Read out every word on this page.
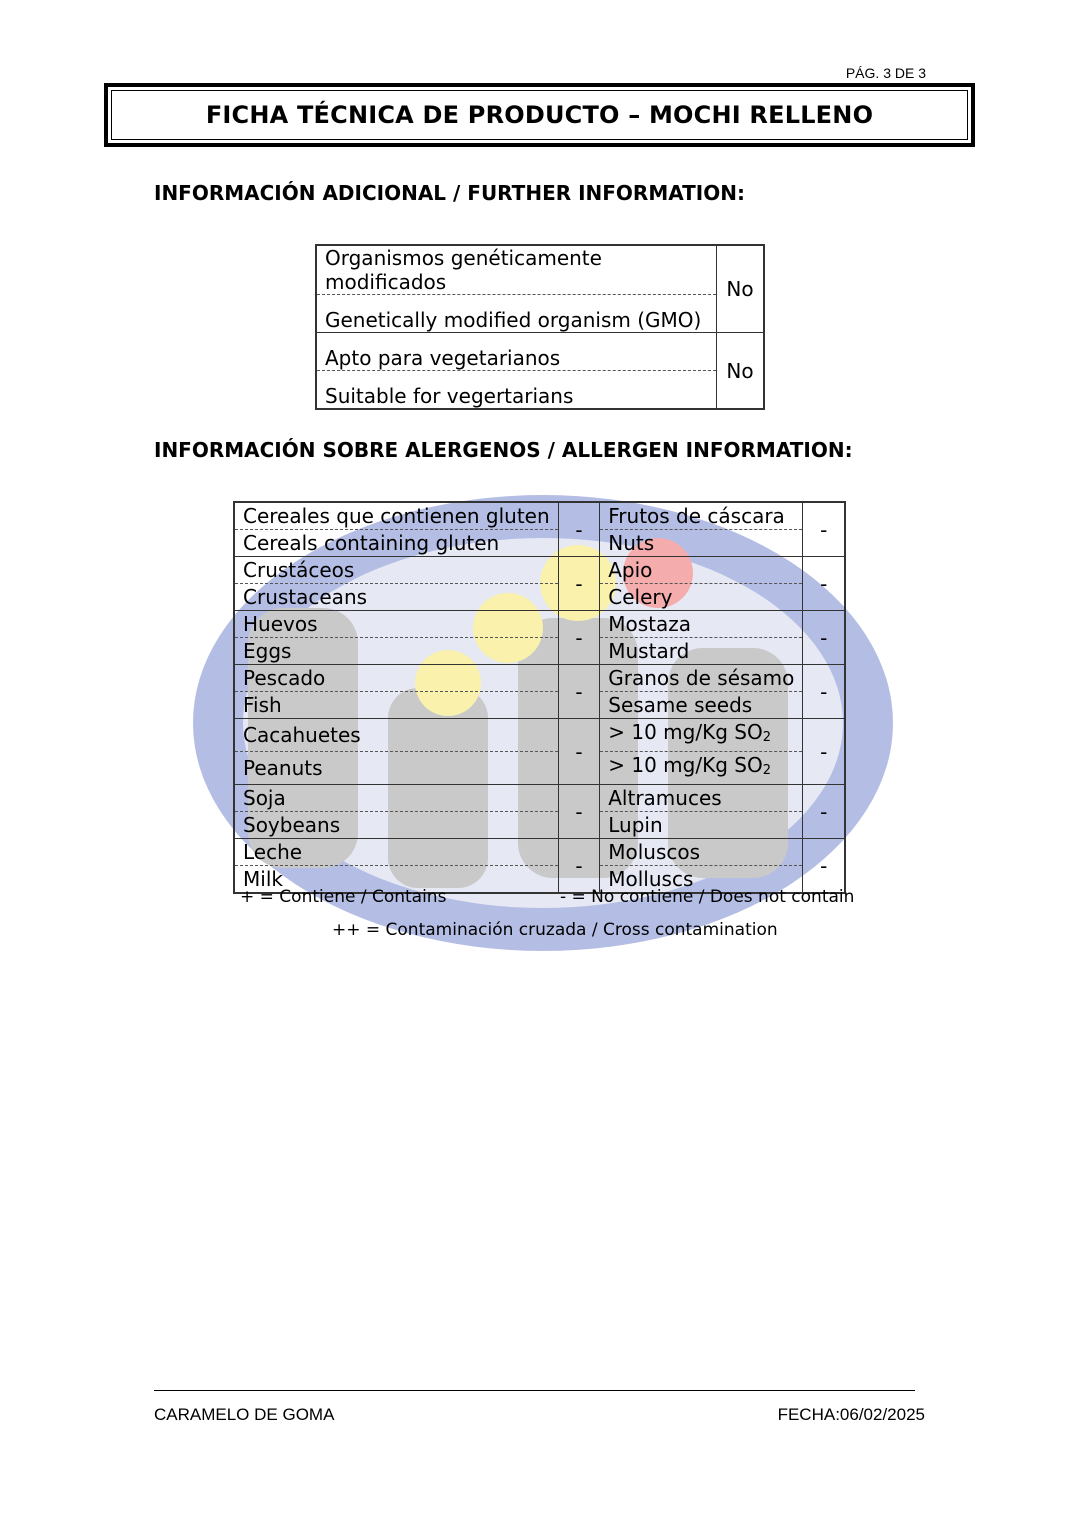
PÁG. 3 DE 3
FICHA TÉCNICA DE PRODUCTO – MOCHI RELLENO
INFORMACIÓN ADICIONAL / FURTHER INFORMATION:
Organismos genéticamente modificados	No
Genetically modified organism (GMO)	
Apto para vegetarianos	No
Suitable for vegertarians	
INFORMACIÓN SOBRE ALERGENOS / ALLERGEN INFORMATION:
Cereales que contienen gluten	-	Frutos de cáscara	-
Cereals containing gluten		Nuts	
Crustáceos	-	Apio	-
Crustaceans		Celery	
Huevos	-	Mostaza	-
Eggs		Mustard	
Pescado	-	Granos de sésamo	-
Fish		Sesame seeds	
Cacahuetes	-	> 10 mg/Kg $SO_2$	-
Peanuts		> 10 mg/Kg $SO_2$
Soja	-	Altramuces	-
Soybeans		Lupin	
Leche	-	Moluscos	-
Milk		Molluscs	
+ = Contiene / Contains	- = No contiene / Does not contain
++ = Contaminación cruzada / Cross contamination
CARAMELO DE GOMA	FECHA:06/02/2025
